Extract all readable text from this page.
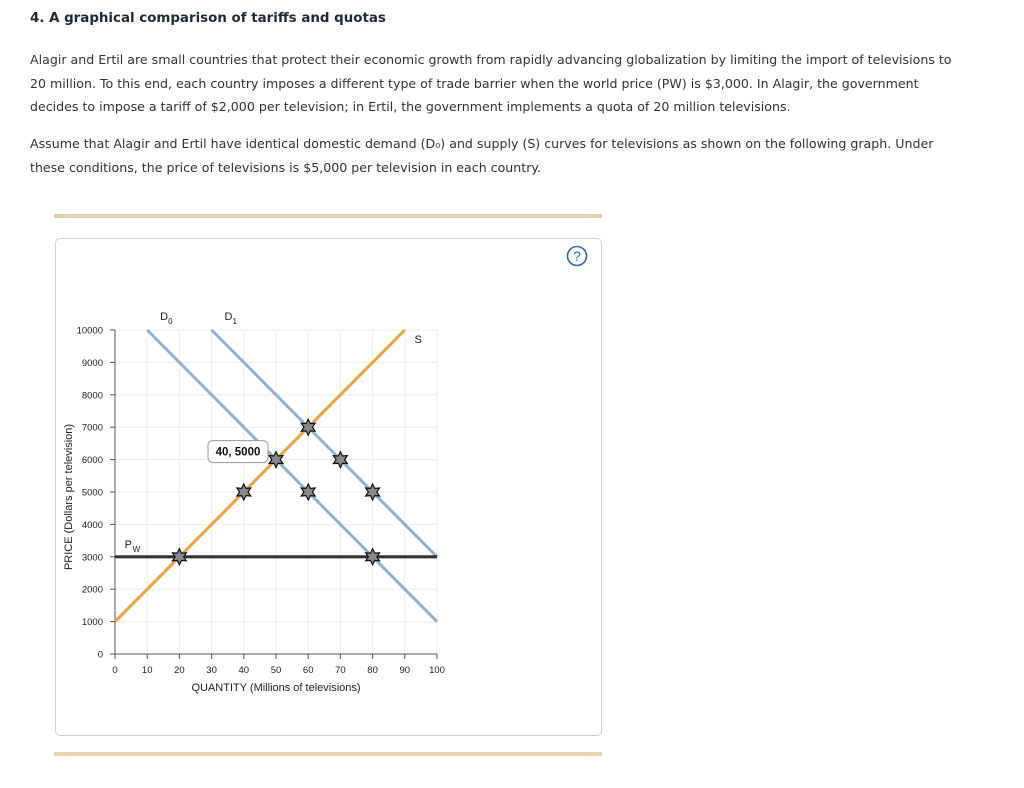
4. A graphical comparison of tariffs and quotas

Alagir and Ertil are small countries that protect their economic growth from rapidly advancing globalization by limiting the import of televisions to 20 million. To this end, each country imposes a different type of trade barrier when the world price (PW) is $3,000. In Alagir, the government decides to impose a tariff of $2,000 per television; in Ertil, the government implements a quota of 20 million televisions.

Assume that Alagir and Ertil have identical domestic demand (D₀) and supply (S) curves for televisions as shown on the following graph. Under these conditions, the price of televisions is $5,000 per television in each country.

?
0
1000
2000
3000
4000
5000
6000
7000
8000
9000
10000
0	10 20 30 40 50 60 70 80 90 100
QUANTITY (Millions of televisions)
PRICE (Dollars per television)
S
D 0	D 1
P W
40, 5000
